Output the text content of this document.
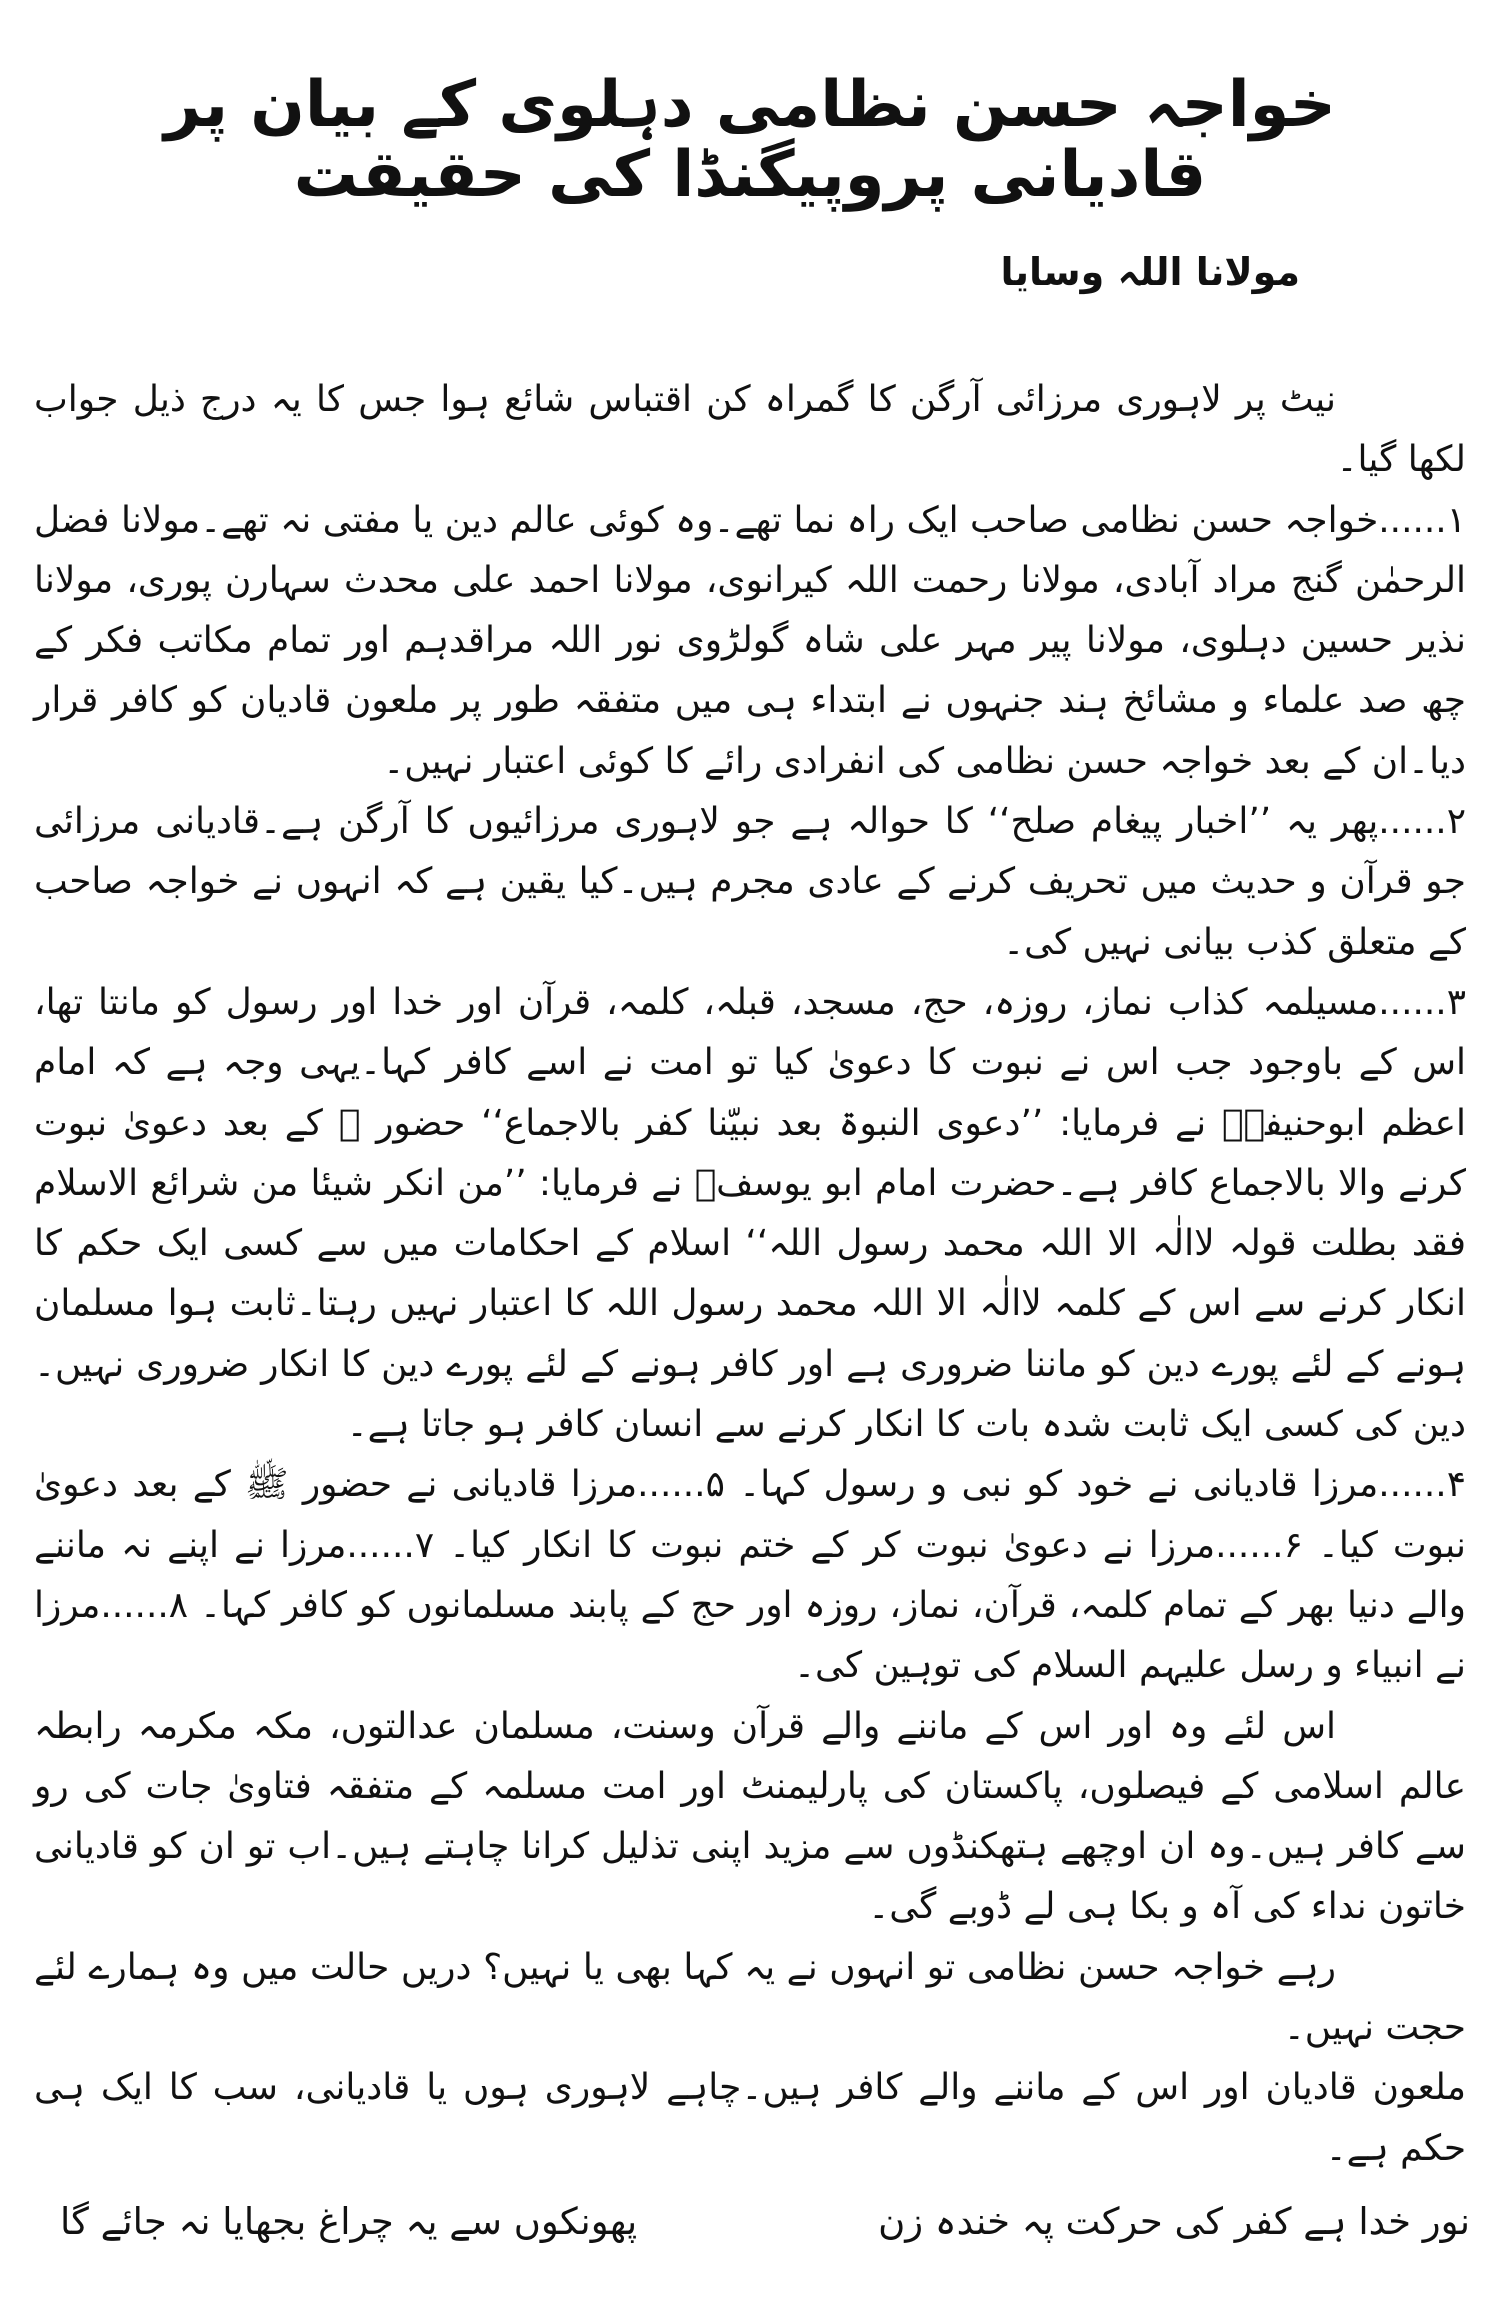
خواجہ حسن نظامی دہلوی کے بیان پر قادیانی پروپیگنڈا کی حقیقت
مولانا اللہ وسایا

نیٹ پر لاہوری مرزائی آرگن کا گمراہ کن اقتباس شائع ہوا جس کا یہ درج ذیل جواب لکھا گیا۔

۱......خواجہ حسن نظامی صاحب ایک راہ نما تھے۔وہ کوئی عالم دین یا مفتی نہ تھے۔مولانا فضل الرحمٰن گنج مراد آبادی، مولانا رحمت اللہ کیرانوی، مولانا احمد علی محدث سہارن پوری، مولانا نذیر حسین دہلوی، مولانا پیر مہر علی شاہ گولڑوی نور اللہ مراقدہم اور تمام مکاتب فکر کے چھ صد علماء و مشائخ ہند جنہوں نے ابتداء ہی میں متفقہ طور پر ملعون قادیان کو کافر قرار دیا۔ان کے بعد خواجہ حسن نظامی کی انفرادی رائے کا کوئی اعتبار نہیں۔

۲......پھر یہ ’’اخبار پیغام صلح‘‘ کا حوالہ ہے جو لاہوری مرزائیوں کا آرگن ہے۔قادیانی مرزائی جو قرآن و حدیث میں تحریف کرنے کے عادی مجرم ہیں۔کیا یقین ہے کہ انہوں نے خواجہ صاحب کے متعلق کذب بیانی نہیں کی۔

۳......مسیلمہ کذاب نماز، روزہ، حج، مسجد، قبلہ، کلمہ، قرآن اور خدا اور رسول کو مانتا تھا، اس کے باوجود جب اس نے نبوت کا دعویٰ کیا تو امت نے اسے کافر کہا۔یہی وجہ ہے کہ امام اعظم ابوحنیفہؒ نے فرمایا: ’’دعوی النبوۃ بعد نبیّنا کفر بالاجماع‘‘ حضور ﷺ کے بعد دعویٰ نبوت کرنے والا بالاجماع کافر ہے۔حضرت امام ابو یوسفؒ نے فرمایا: ’’من انکر شیئا من شرائع الاسلام فقد بطلت قولہ لاالٰہ الا اللہ محمد رسول اللہ‘‘ اسلام کے احکامات میں سے کسی ایک حکم کا انکار کرنے سے اس کے کلمہ لاالٰہ الا اللہ محمد رسول اللہ کا اعتبار نہیں رہتا۔ثابت ہوا مسلمان ہونے کے لئے پورے دین کو ماننا ضروری ہے اور کافر ہونے کے لئے پورے دین کا انکار ضروری نہیں۔دین کی کسی ایک ثابت شدہ بات کا انکار کرنے سے انسان کافر ہو جاتا ہے۔

۴......مرزا قادیانی نے خود کو نبی و رسول کہا۔ ۵......مرزا قادیانی نے حضور ﷺ کے بعد دعویٰ نبوت کیا۔ ۶......مرزا نے دعویٰ نبوت کر کے ختم نبوت کا انکار کیا۔ ۷......مرزا نے اپنے نہ ماننے والے دنیا بھر کے تمام کلمہ، قرآن، نماز، روزہ اور حج کے پابند مسلمانوں کو کافر کہا۔ ۸......مرزا نے انبیاء و رسل علیہم السلام کی توہین کی۔

اس لئے وہ اور اس کے ماننے والے قرآن وسنت، مسلمان عدالتوں، مکہ مکرمہ رابطہ عالم اسلامی کے فیصلوں، پاکستان کی پارلیمنٹ اور امت مسلمہ کے متفقہ فتاویٰ جات کی رو سے کافر ہیں۔وہ ان اوچھے ہتھکنڈوں سے مزید اپنی تذلیل کرانا چاہتے ہیں۔اب تو ان کو قادیانی خاتون نداء کی آہ و بکا ہی لے ڈوبے گی۔

رہے خواجہ حسن نظامی تو انہوں نے یہ کہا بھی یا نہیں؟ دریں حالت میں وہ ہمارے لئے حجت نہیں۔

ملعون قادیان اور اس کے ماننے والے کافر ہیں۔چاہے لاہوری ہوں یا قادیانی، سب کا ایک ہی حکم ہے۔

نور خدا ہے کفر کی حرکت پہ خندہ زن
پھونکوں سے یہ چراغ بجھایا نہ جائے گا
